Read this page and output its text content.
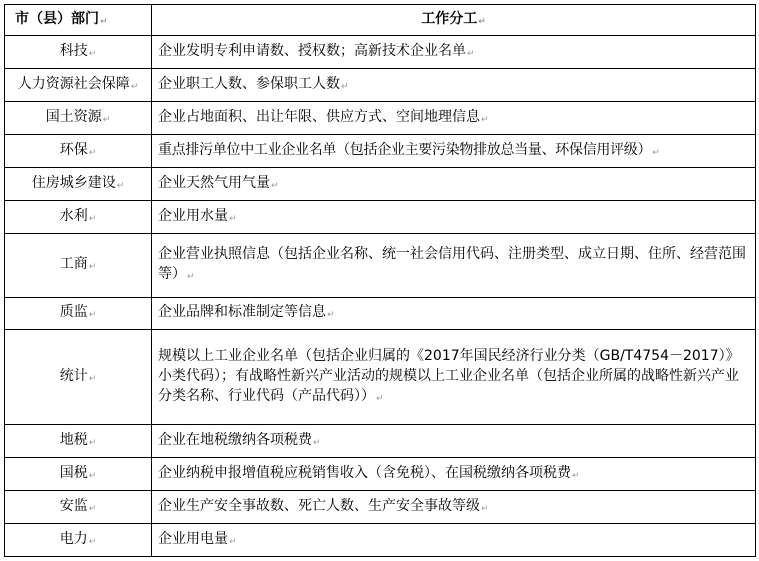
市（县）部门↵	工作分工↵
科技↵	企业发明专利申请数、授权数；高新技术企业名单↵
人力资源社会保障↵	企业职工人数、参保职工人数↵
国土资源↵	企业占地面积、出让年限、供应方式、空间地理信息↵
环保↵	重点排污单位中工业企业名单（包括企业主要污染物排放总当量、环保信用评级）↵
住房城乡建设↵	企业天然气用气量↵
水利↵	企业用水量↵
工商↵	企业营业执照信息（包括企业名称、统一社会信用代码、注册类型、成立日期、住所、经营范围等）↵
质监↵	企业品牌和标准制定等信息↵
统计↵	规模以上工业企业名单（包括企业归属的《2017年国民经济行业分类（GB/T4754－2017）》小类代码）；有战略性新兴产业活动的规模以上工业企业名单（包括企业所属的战略性新兴产业分类名称、行业代码（产品代码））↵
地税↵	企业在地税缴纳各项税费↵
国税↵	企业纳税申报增值税应税销售收入（含免税）、在国税缴纳各项税费↵
安监↵	企业生产安全事故数、死亡人数、生产安全事故等级↵
电力↵	企业用电量↵
